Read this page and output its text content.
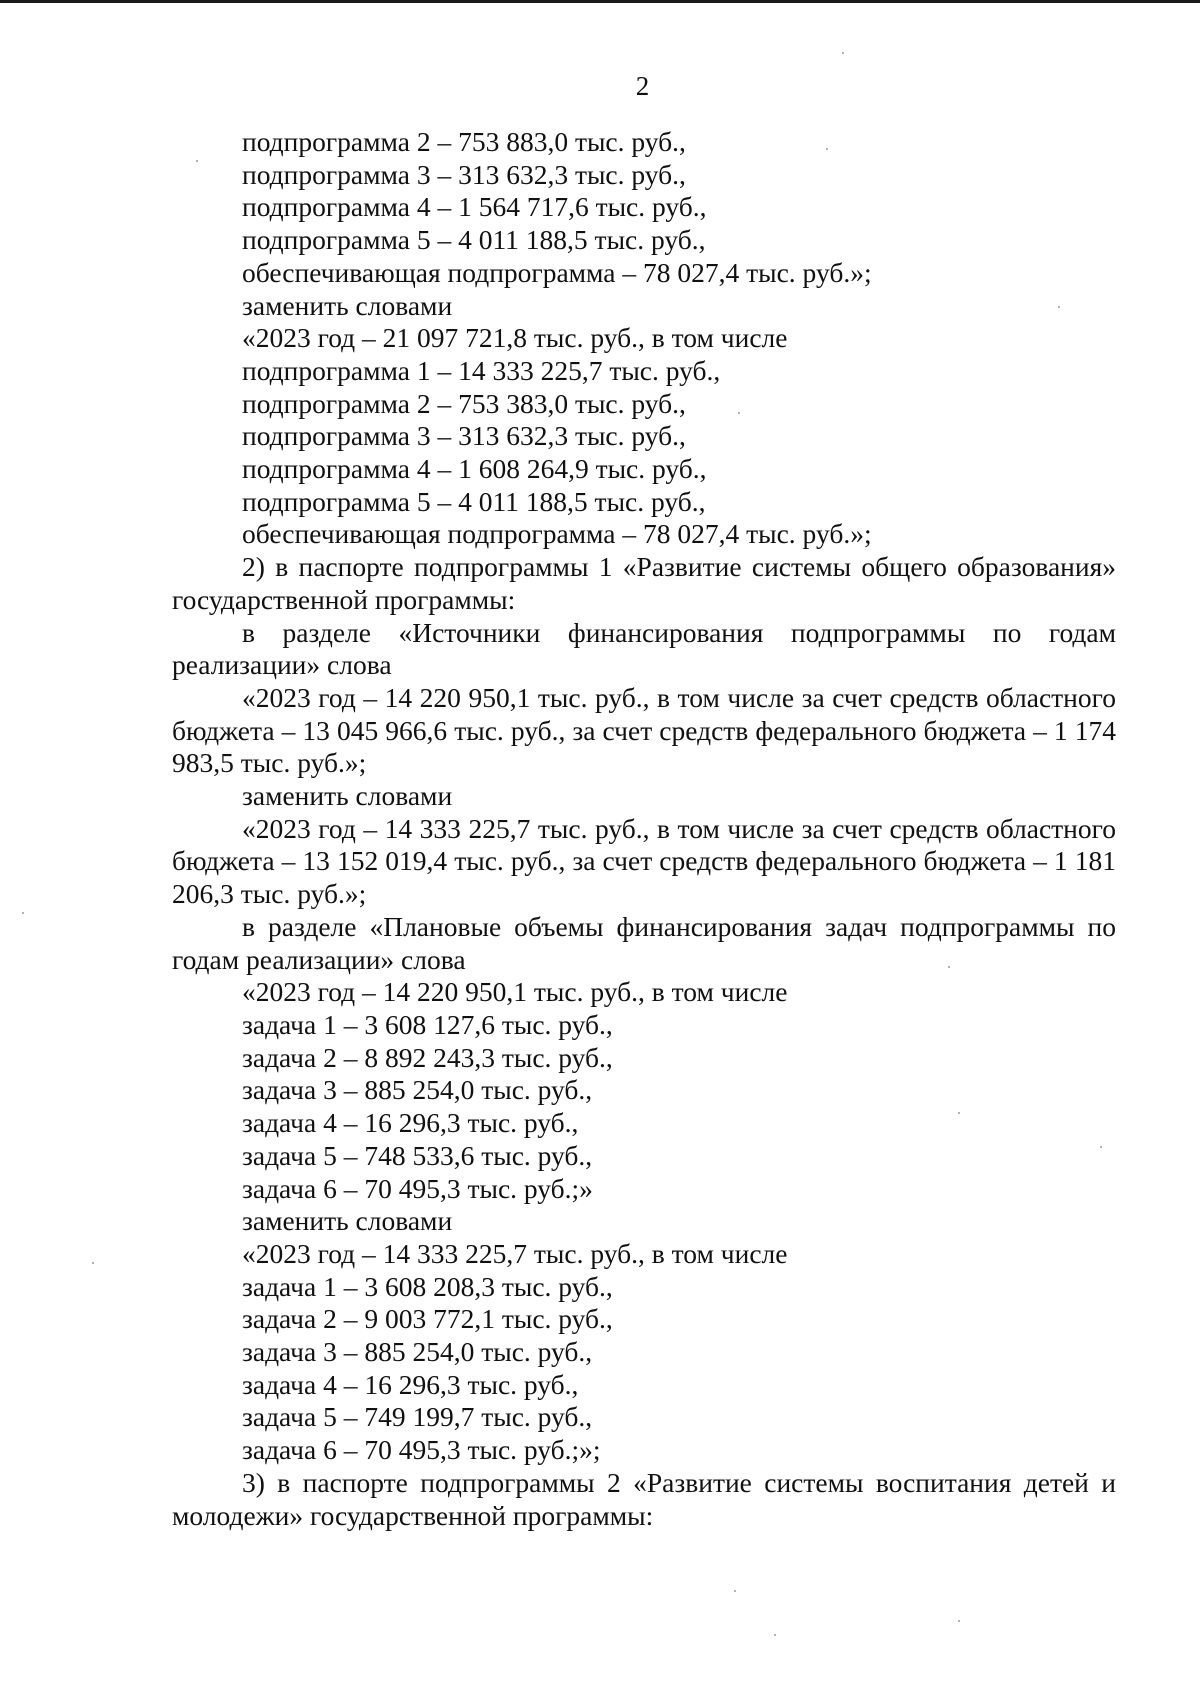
2

подпрограмма 2 – 753 883,0 тыс. руб.,

подпрограмма 3 – 313 632,3 тыс. руб.,

подпрограмма 4 – 1 564 717,6 тыс. руб.,

подпрограмма 5 – 4 011 188,5 тыс. руб.,

обеспечивающая подпрограмма – 78 027,4 тыс. руб.»;

заменить словами

«2023 год – 21 097 721,8 тыс. руб., в том числе

подпрограмма 1 – 14 333 225,7 тыс. руб.,

подпрограмма 2 – 753 383,0 тыс. руб.,

подпрограмма 3 – 313 632,3 тыс. руб.,

подпрограмма 4 – 1 608 264,9 тыс. руб.,

подпрограмма 5 – 4 011 188,5 тыс. руб.,

обеспечивающая подпрограмма – 78 027,4 тыс. руб.»;

2) в паспорте подпрограммы 1 «Развитие системы общего образования» государственной программы:

в разделе «Источники финансирования подпрограммы по годам реализации» слова

«2023 год – 14 220 950,1 тыс. руб., в том числе за счет средств областного бюджета – 13 045 966,6 тыс. руб., за счет средств федерального бюджета – 1 174 983,5 тыс. руб.»;

заменить словами

«2023 год – 14 333 225,7 тыс. руб., в том числе за счет средств областного бюджета – 13 152 019,4 тыс. руб., за счет средств федерального бюджета – 1 181 206,3 тыс. руб.»;

в разделе «Плановые объемы финансирования задач подпрограммы по годам реализации» слова

«2023 год – 14 220 950,1 тыс. руб., в том числе

задача 1 – 3 608 127,6 тыс. руб.,

задача 2 – 8 892 243,3 тыс. руб.,

задача 3 – 885 254,0 тыс. руб.,

задача 4 – 16 296,3 тыс. руб.,

задача 5 – 748 533,6 тыс. руб.,

задача 6 – 70 495,3 тыс. руб.;»

заменить словами

«2023 год – 14 333 225,7 тыс. руб., в том числе

задача 1 – 3 608 208,3 тыс. руб.,

задача 2 – 9 003 772,1 тыс. руб.,

задача 3 – 885 254,0 тыс. руб.,

задача 4 – 16 296,3 тыс. руб.,

задача 5 – 749 199,7 тыс. руб.,

задача 6 – 70 495,3 тыс. руб.;»;

3) в паспорте подпрограммы 2 «Развитие системы воспитания детей и молодежи» государственной программы:
